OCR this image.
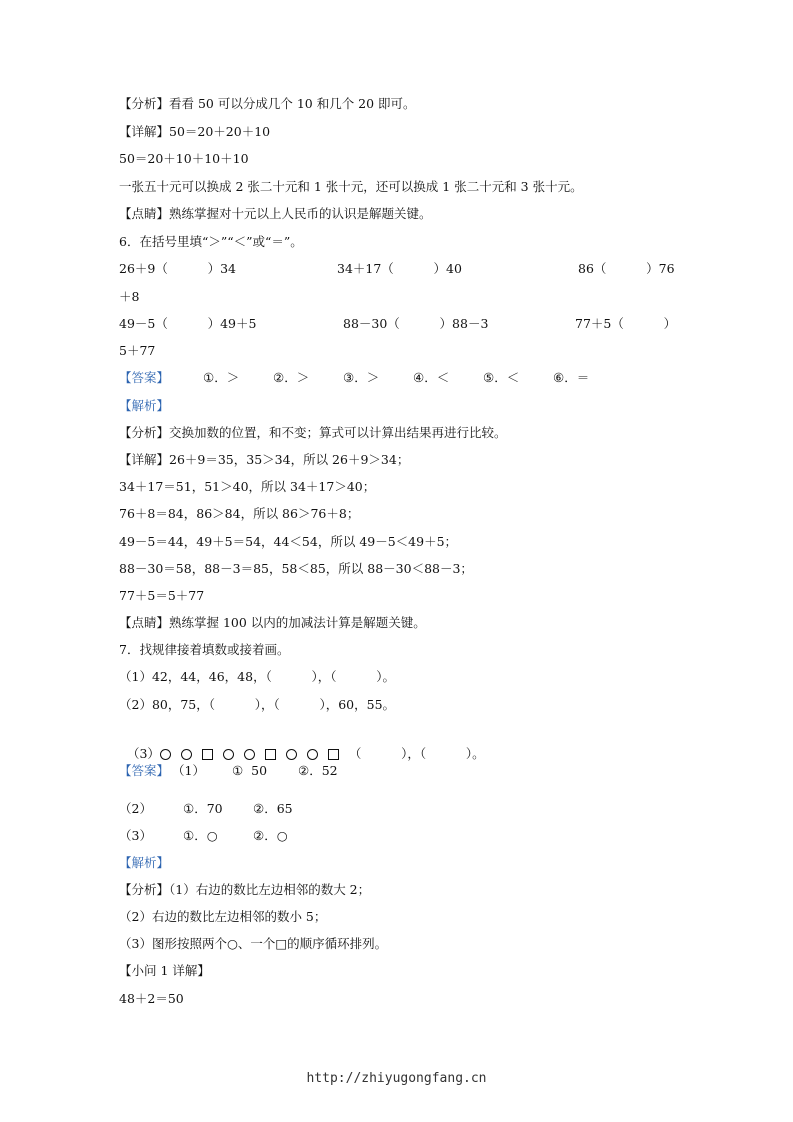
【分析】看看 50 可以分成几个 10 和几个 20 即可。
【详解】50＝20＋20＋10
50＝20＋10＋10＋10
一张五十元可以换成 2 张二十元和 1 张十元，还可以换成 1 张二十元和 3 张十元。
【点睛】熟练掌握对十元以上人民币的认识是解题关键。
6．在括号里填“＞”“＜”或“＝”。
26＋9（          ）34	34＋17（          ）40	86（          ）76
＋8
49－5（          ）49＋5	88－30（          ）88－3	77＋5（          ）
5＋77
【答案】	①．＞	②．＞	③．＞	④．＜	⑤．＜	⑥．＝
【解析】
【分析】交换加数的位置，和不变；算式可以计算出结果再进行比较。
【详解】26＋9＝35，35＞34，所以 26＋9＞34；
34＋17＝51，51＞40，所以 34＋17＞40；
76＋8＝84，86＞84，所以 86＞76＋8；
49－5＝44，49＋5＝54，44＜54，所以 49－5＜49＋5；
88－30＝58，88－3＝85，58＜85，所以 88－30＜88－3；
77＋5＝5＋77
【点睛】熟练掌握 100 以内的加减法计算是解题关键。
7．找规律接着填数或接着画。
（1）42，44，46，48，（          ），（          ）。
（2）80，75，（          ），（          ），60，55。

（3）	（          ），（          ）。

【答案】 （1） ①  50 ②．52
（2） ①．70 ②．65
（3） ①．○	②．○
【解析】
【分析】（1）右边的数比左边相邻的数大 2；
（2）右边的数比左边相邻的数小 5；
（3）图形按照两个○、一个□的顺序循环排列。
【小问 1 详解】
48＋2＝50
http://zhiyugongfang.cn
